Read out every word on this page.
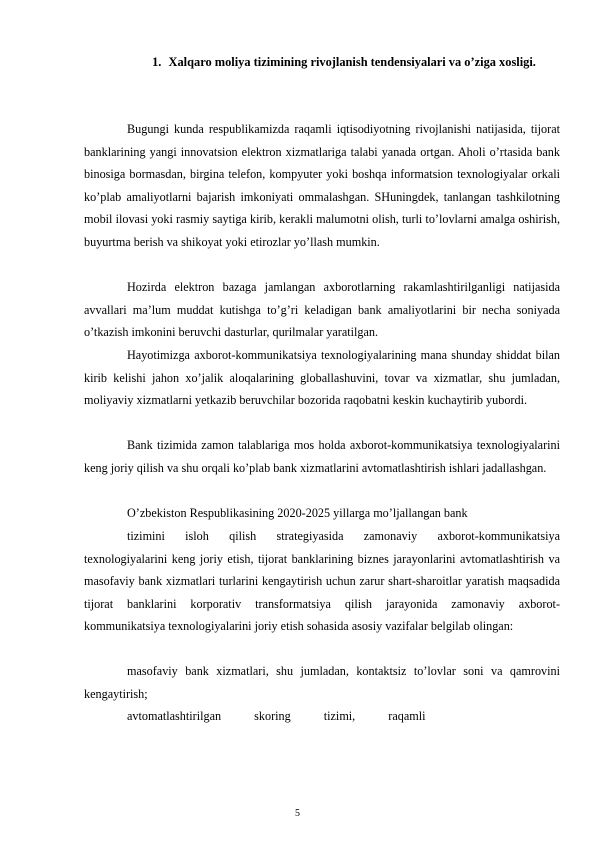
1. Xalqaro moliya tizimining rivojlanish tendensiyalari va o’ziga xosligi.

Bugungi kunda respublikamizda raqamli iqtisodiyotning rivojlanishi natijasida, tijorat banklarining yangi innovatsion elektron xizmatlariga talabi yanada ortgan. Aholi o’rtasida bank binosiga bormasdan, birgina telefon, kompyuter yoki boshqa informatsion texnologiyalar orkali ko’plab amaliyotlarni bajarish imkoniyati ommalashgan. SHuningdek, tanlangan tashkilotning mobil ilovasi yoki rasmiy saytiga kirib, kerakli malumotni olish, turli to’lovlarni amalga oshirish, buyurtma berish va shikoyat yoki etirozlar yo’llash mumkin.

Hozirda elektron bazaga jamlangan axborotlarning rakamlashtirilganligi natijasida avvallari ma’lum muddat kutishga to’g’ri keladigan bank amaliyotlarini bir necha soniyada o’tkazish imkonini beruvchi dasturlar, qurilmalar yaratilgan.

Hayotimizga axborot-kommunikatsiya texnologiyalarining mana shunday shiddat bilan kirib kelishi jahon xo’jalik aloqalarining globallashuvini, tovar va xizmatlar, shu jumladan, moliyaviy xizmatlarni yetkazib beruvchilar bozorida raqobatni keskin kuchaytirib yubordi.

Bank tizimida zamon talablariga mos holda axborot-kommunikatsiya texnologiyalarini keng joriy qilish va shu orqali ko’plab bank xizmatlarini avtomatlashtirish ishlari jadallashgan.

O’zbekiston Respublikasining 2020-2025 yillarga mo’ljallangan bank

tizimini isloh qilish strategiyasida zamonaviy axborot-kommunikatsiya texnologiyalarini keng joriy etish, tijorat banklarining biznes jarayonlarini avtomatlashtirish va masofaviy bank xizmatlari turlarini kengaytirish uchun zarur shart-sharoitlar yaratish maqsadida tijorat banklarini korporativ transformatsiya qilish jarayonida zamonaviy axborot- kommunikatsiya texnologiyalarini joriy etish sohasida asosiy vazifalar belgilab olingan:

masofaviy bank xizmatlari, shu jumladan, kontaktsiz to’lovlar soni va qamrovini kengaytirish;

avtomatlashtirilgan skoring tizimi, raqamli

5
